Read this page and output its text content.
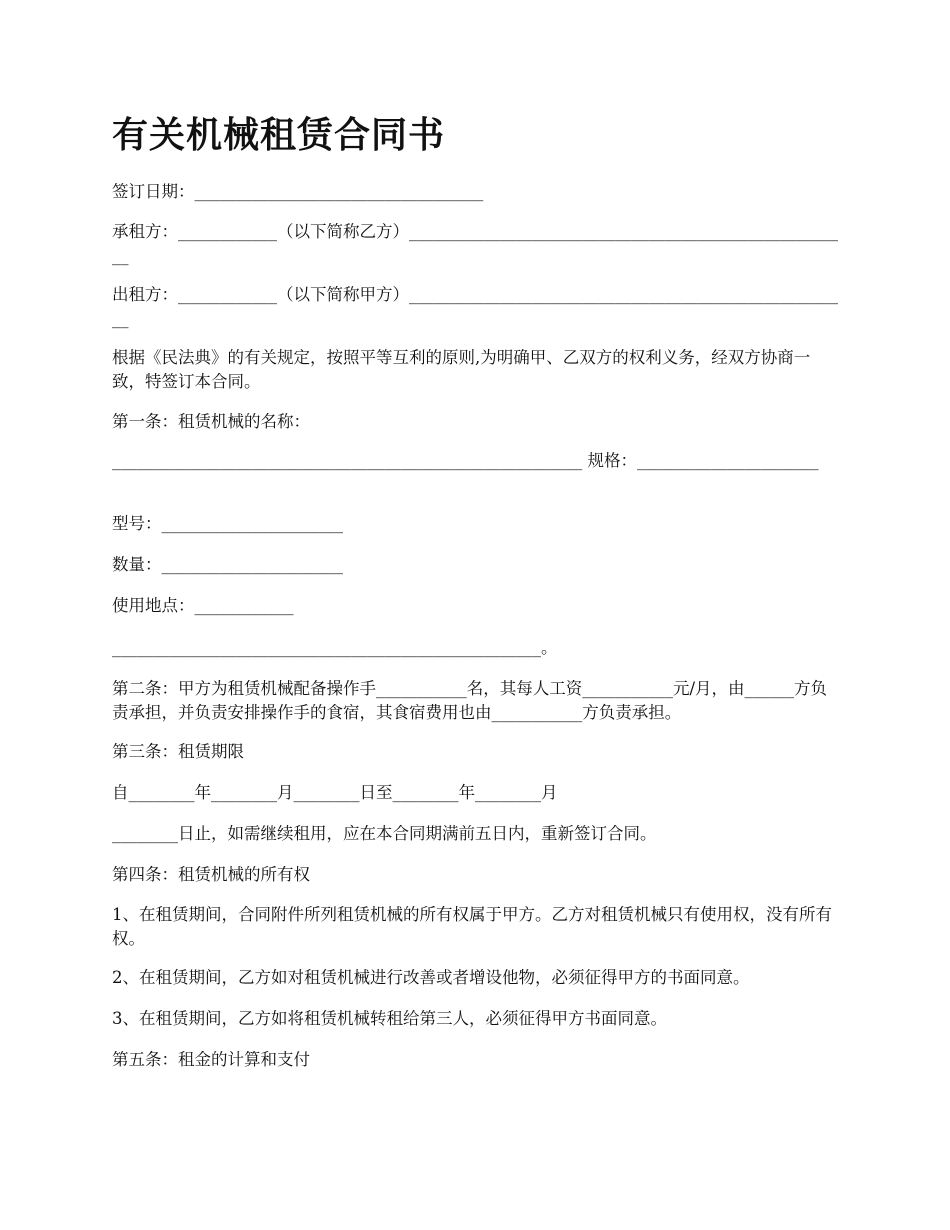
有关机械租赁合同书

签订日期：___________________________________

承租方：____________（以下简称乙方）______________________________________________________

出租方：____________（以下简称甲方）______________________________________________________

根据《民法典》的有关规定，按照平等互利的原则,为明确甲、乙双方的权利义务，经双方协商一致，特签订本合同。

第一条：租赁机械的名称：

_________________________________________________________ 规格：______________________

型号：______________________

数量：______________________

使用地点：____________

____________________________________________________。

第二条：甲方为租赁机械配备操作手___________名，其每人工资___________元/月，由______方负责承担，并负责安排操作手的食宿，其食宿费用也由___________方负责承担。

第三条：租赁期限

自________年________月________日至________年________月

________日止，如需继续租用，应在本合同期满前五日内，重新签订合同。

第四条：租赁机械的所有权

1、在租赁期间，合同附件所列租赁机械的所有权属于甲方。乙方对租赁机械只有使用权，没有所有权。

2、在租赁期间，乙方如对租赁机械进行改善或者增设他物，必须征得甲方的书面同意。

3、在租赁期间，乙方如将租赁机械转租给第三人，必须征得甲方书面同意。

第五条：租金的计算和支付
